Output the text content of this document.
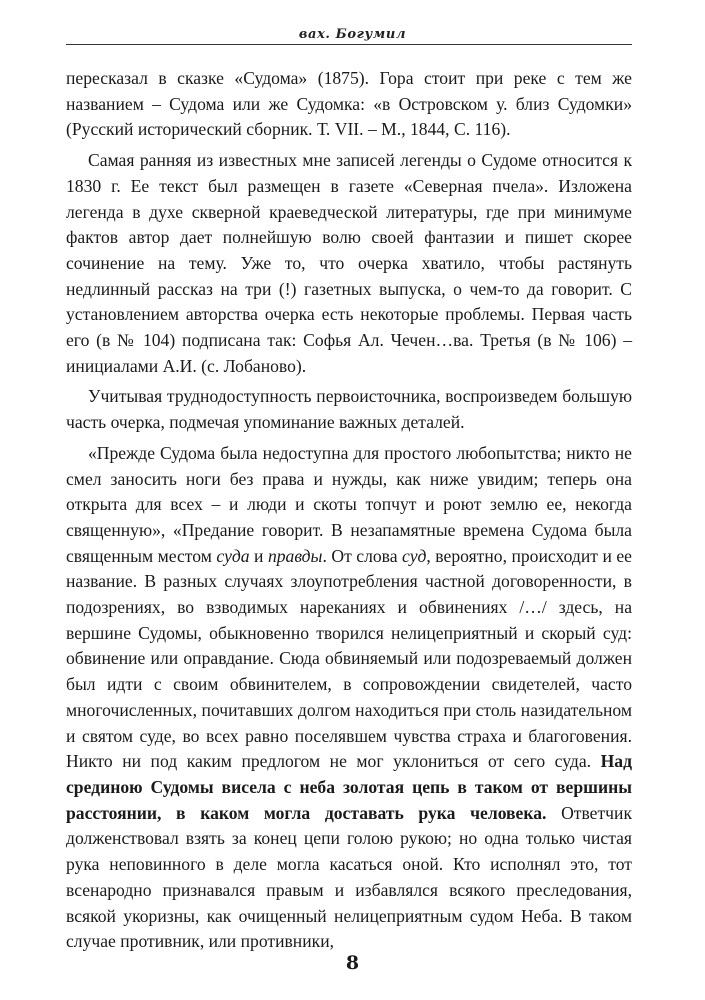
вах. Богумил

пересказал в сказке «Судома» (1875). Гора стоит при реке с тем же названием – Судома или же Судомка: «в Островском у. близ Судомки» (Русский исторический сборник. Т. VII. – М., 1844, С. 116).

Самая ранняя из известных мне записей легенды о Судоме относится к 1830 г. Ее текст был размещен в газете «Северная пчела». Изложена легенда в духе скверной краеведческой литературы, где при минимуме фактов автор дает полнейшую волю своей фантазии и пишет скорее сочинение на тему. Уже то, что очерка хватило, чтобы растянуть недлинный рассказ на три (!) газетных выпуска, о чем-то да говорит. С установлением авторства очерка есть некоторые проблемы. Первая часть его (в № 104) подписана так: Софья Ал. Чечен…ва. Третья (в № 106) – инициалами А.И. (с. Лобаново).

Учитывая труднодоступность первоисточника, воспроизведем большую часть очерка, подмечая упоминание важных деталей.

«Прежде Судома была недоступна для простого любопытства; никто не смел заносить ноги без права и нужды, как ниже увидим; теперь она открыта для всех – и люди и скоты топчут и роют землю ее, некогда священную», «Предание говорит. В незапамятные времена Судома была священным местом суда и правды. От слова суд, вероятно, происходит и ее название. В разных случаях злоупотребления частной договоренности, в подозрениях, во взводимых нареканиях и обвинениях /…/ здесь, на вершине Судомы, обыкновенно творился нелицеприятный и скорый суд: обвинение или оправдание. Сюда обвиняемый или подозреваемый должен был идти с своим обвинителем, в сопровождении свидетелей, часто многочисленных, почитавших долгом находиться при столь назидательном и святом суде, во всех равно поселявшем чувства страха и благоговения. Никто ни под каким предлогом не мог уклониться от сего суда. Над срединою Судомы висела с неба золотая цепь в таком от вершины расстоянии, в каком могла доставать рука человека. Ответчик долженствовал взять за конец цепи голою рукою; но одна только чистая рука неповинного в деле могла касаться оной. Кто исполнял это, тот всенародно признавался правым и избавлялся всякого преследования, всякой укоризны, как очищенный нелицеприятным судом Неба. В таком случае противник, или противники,

8
